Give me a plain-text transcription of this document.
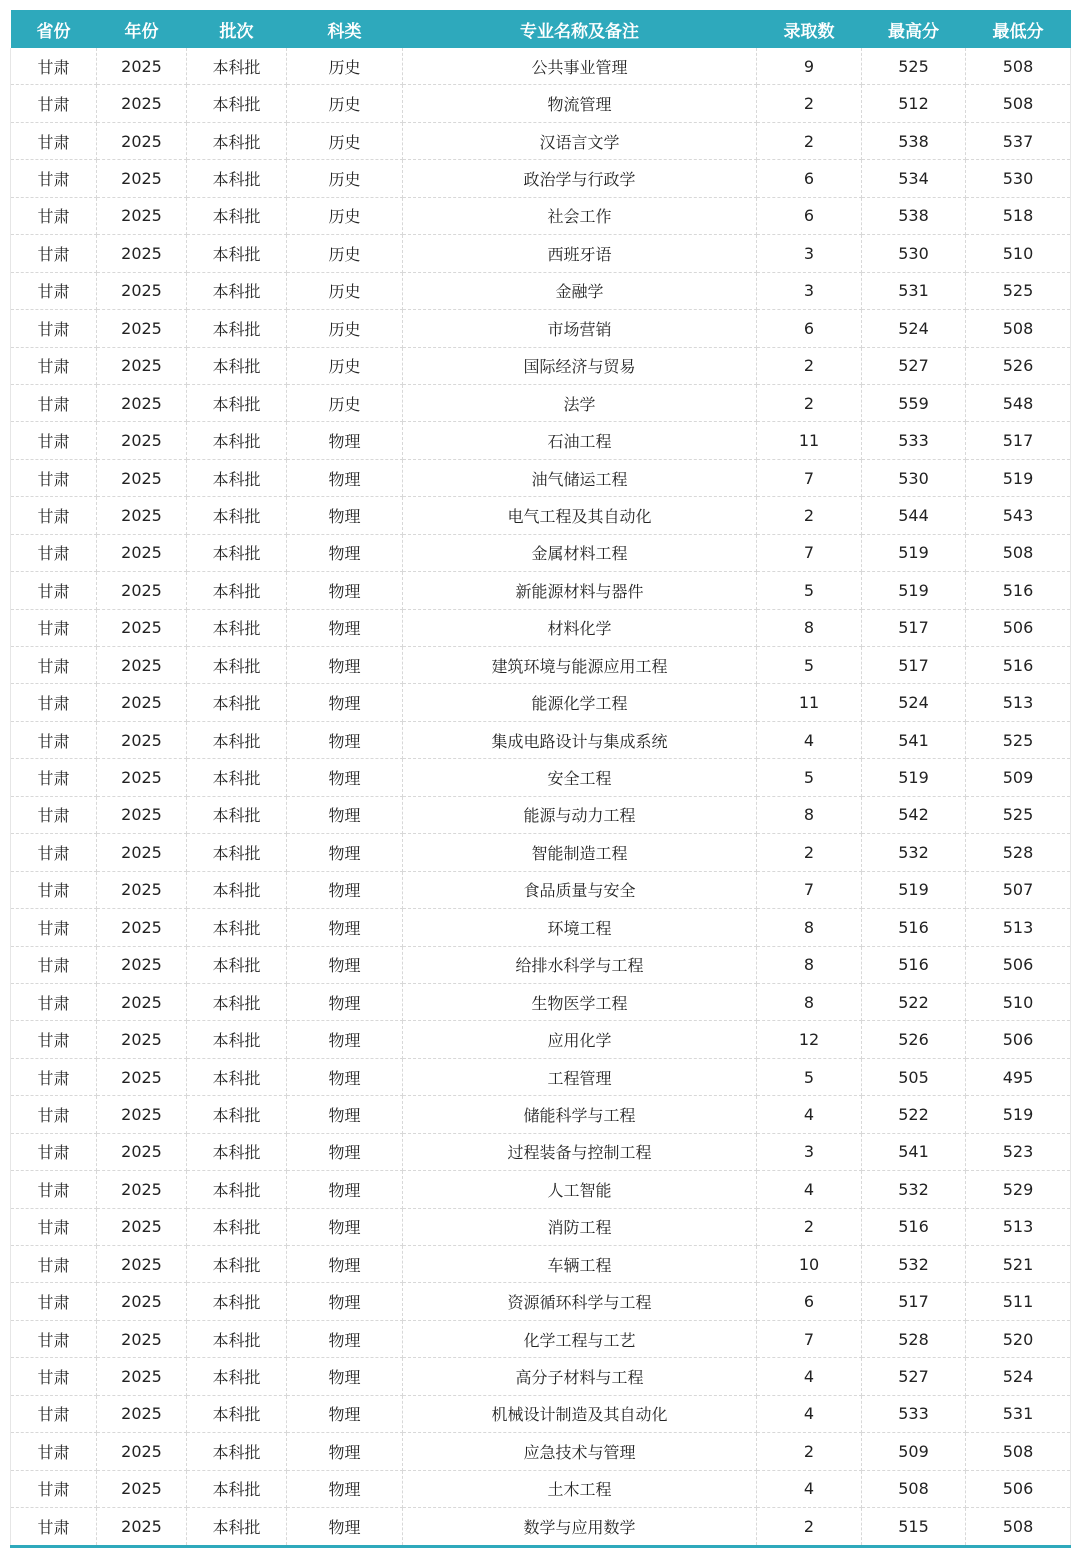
省份	年份	批次	科类	专业名称及备注	录取数	最高分	最低分
甘肃	2025	本科批	历史	公共事业管理	9	525	508
甘肃	2025	本科批	历史	物流管理	2	512	508
甘肃	2025	本科批	历史	汉语言文学	2	538	537
甘肃	2025	本科批	历史	政治学与行政学	6	534	530
甘肃	2025	本科批	历史	社会工作	6	538	518
甘肃	2025	本科批	历史	西班牙语	3	530	510
甘肃	2025	本科批	历史	金融学	3	531	525
甘肃	2025	本科批	历史	市场营销	6	524	508
甘肃	2025	本科批	历史	国际经济与贸易	2	527	526
甘肃	2025	本科批	历史	法学	2	559	548
甘肃	2025	本科批	物理	石油工程	11	533	517
甘肃	2025	本科批	物理	油气储运工程	7	530	519
甘肃	2025	本科批	物理	电气工程及其自动化	2	544	543
甘肃	2025	本科批	物理	金属材料工程	7	519	508
甘肃	2025	本科批	物理	新能源材料与器件	5	519	516
甘肃	2025	本科批	物理	材料化学	8	517	506
甘肃	2025	本科批	物理	建筑环境与能源应用工程	5	517	516
甘肃	2025	本科批	物理	能源化学工程	11	524	513
甘肃	2025	本科批	物理	集成电路设计与集成系统	4	541	525
甘肃	2025	本科批	物理	安全工程	5	519	509
甘肃	2025	本科批	物理	能源与动力工程	8	542	525
甘肃	2025	本科批	物理	智能制造工程	2	532	528
甘肃	2025	本科批	物理	食品质量与安全	7	519	507
甘肃	2025	本科批	物理	环境工程	8	516	513
甘肃	2025	本科批	物理	给排水科学与工程	8	516	506
甘肃	2025	本科批	物理	生物医学工程	8	522	510
甘肃	2025	本科批	物理	应用化学	12	526	506
甘肃	2025	本科批	物理	工程管理	5	505	495
甘肃	2025	本科批	物理	储能科学与工程	4	522	519
甘肃	2025	本科批	物理	过程装备与控制工程	3	541	523
甘肃	2025	本科批	物理	人工智能	4	532	529
甘肃	2025	本科批	物理	消防工程	2	516	513
甘肃	2025	本科批	物理	车辆工程	10	532	521
甘肃	2025	本科批	物理	资源循环科学与工程	6	517	511
甘肃	2025	本科批	物理	化学工程与工艺	7	528	520
甘肃	2025	本科批	物理	高分子材料与工程	4	527	524
甘肃	2025	本科批	物理	机械设计制造及其自动化	4	533	531
甘肃	2025	本科批	物理	应急技术与管理	2	509	508
甘肃	2025	本科批	物理	土木工程	4	508	506
甘肃	2025	本科批	物理	数学与应用数学	2	515	508
